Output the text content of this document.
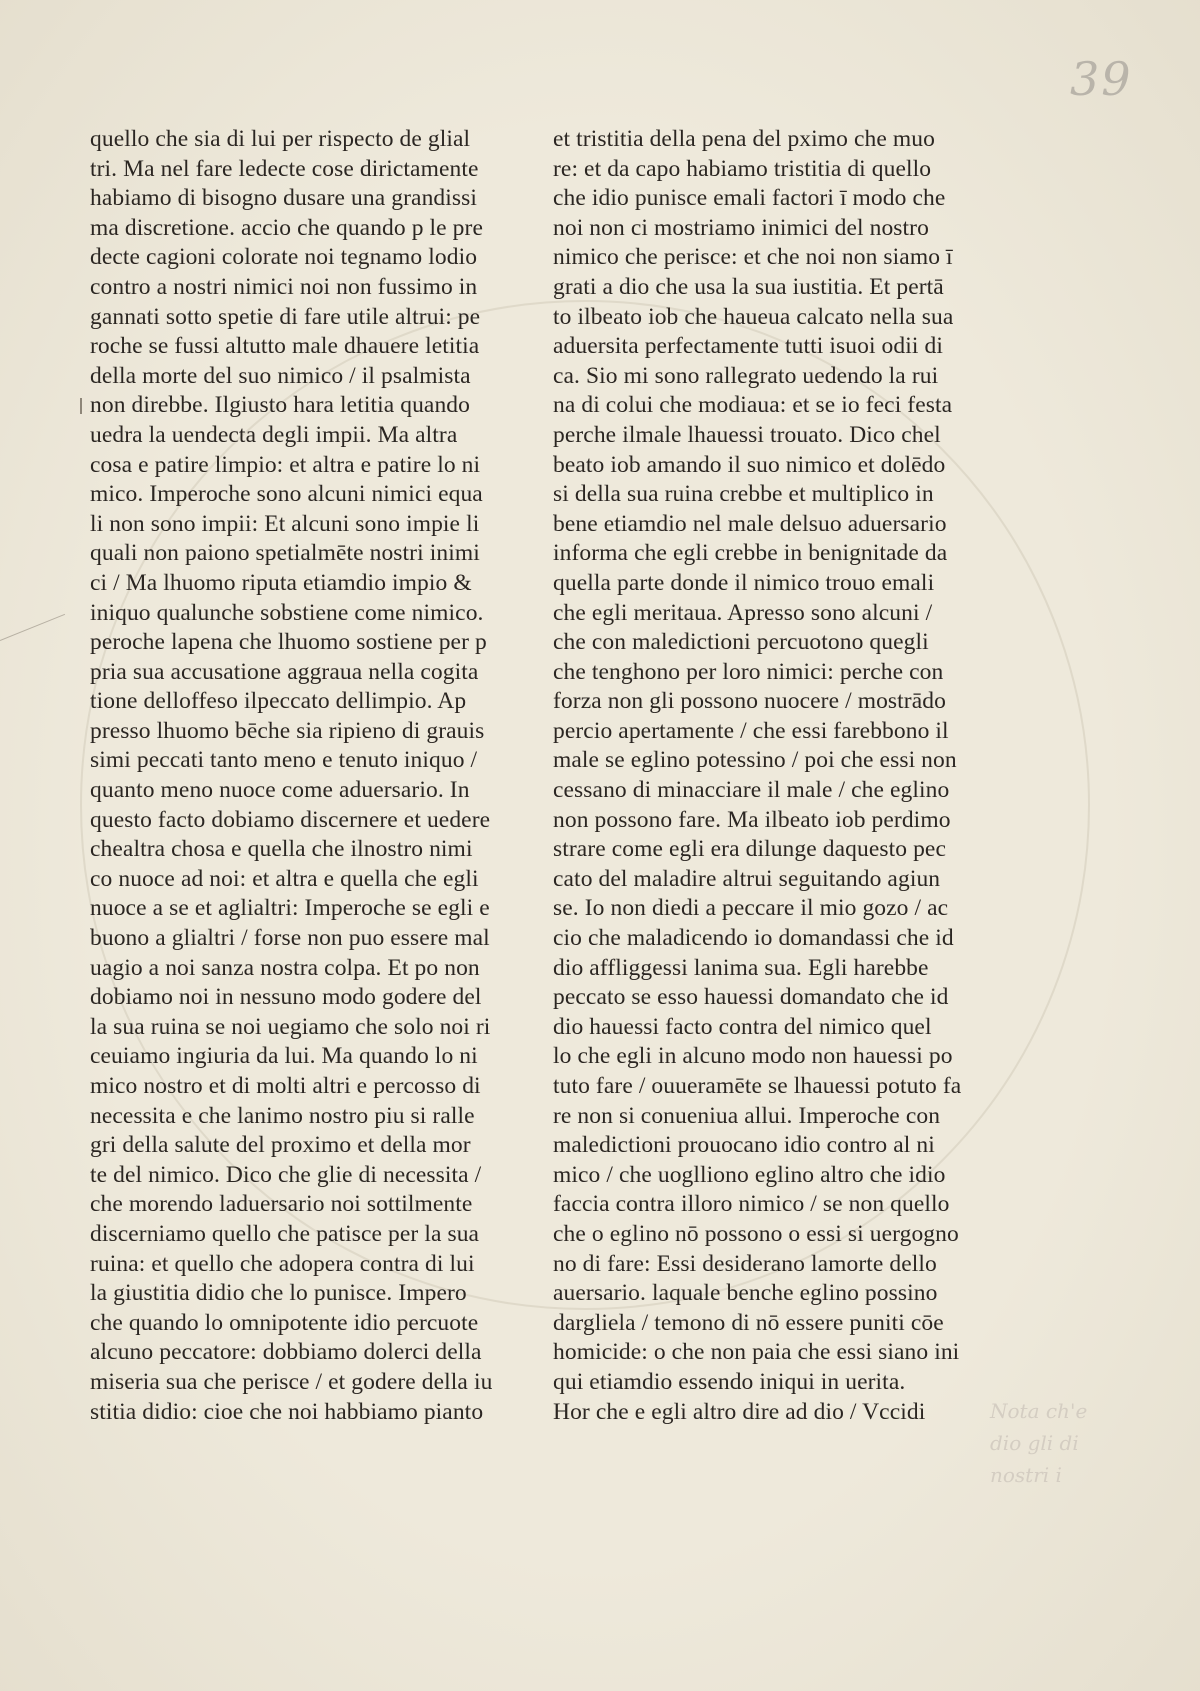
39
quello che sia di lui per rispecto de glial
tri. Ma nel fare ledecte cose dirictamente
habiamo di bisogno dusare una grandissi
ma discretione. accio che quando p le pre
decte cagioni colorate noi tegnamo lodio
contro a nostri nimici noi non fussimo in
gannati sotto spetie di fare utile altrui: pe
roche se fussi altutto male dhauere letitia
della morte del suo nimico / il psalmista
non direbbe. Ilgiusto hara letitia quando
uedra la uendecta degli impii. Ma altra
cosa e patire limpio: et altra e patire lo ni
mico. Imperoche sono alcuni nimici equa
li non sono impii: Et alcuni sono impie li
quali non paiono spetialmēte nostri inimi
ci / Ma lhuomo riputa etiamdio impio &
iniquo qualunche sobstiene come nimico.
peroche lapena che lhuomo sostiene per p
pria sua accusatione aggraua nella cogita
tione delloffeso ilpeccato dellimpio. Ap
presso lhuomo bēche sia ripieno di grauis
simi peccati tanto meno e tenuto iniquo /
quanto meno nuoce come aduersario. In
questo facto dobiamo discernere et uedere
chealtra chosa e quella che ilnostro nimi
co nuoce ad noi: et altra e quella che egli
nuoce a se et aglialtri: Imperoche se egli e
buono a glialtri / forse non puo essere mal
uagio a noi sanza nostra colpa. Et po non
dobiamo noi in nessuno modo godere del
la sua ruina se noi uegiamo che solo noi ri
ceuiamo ingiuria da lui. Ma quando lo ni
mico nostro et di molti altri e percosso di
necessita e che lanimo nostro piu si ralle
gri della salute del proximo et della mor
te del nimico. Dico che glie di necessita /
che morendo laduersario noi sottilmente
discerniamo quello che patisce per la sua
ruina: et quello che adopera contra di lui
la giustitia didio che lo punisce. Impero
che quando lo omnipotente idio percuote
alcuno peccatore: dobbiamo dolerci della
miseria sua che perisce / et godere della iu
stitia didio: cioe che noi habbiamo pianto
et tristitia della pena del pximo che muo
re: et da capo habiamo tristitia di quello
che idio punisce emali factori ī modo che
noi non ci mostriamo inimici del nostro
nimico che perisce: et che noi non siamo ī
grati a dio che usa la sua iustitia. Et pertā
to ilbeato iob che haueua calcato nella sua
aduersita perfectamente tutti isuoi odii di
ca. Sio mi sono rallegrato uedendo la rui
na di colui che modiaua: et se io feci festa
perche ilmale lhauessi trouato. Dico chel
beato iob amando il suo nimico et dolēdo
si della sua ruina crebbe et multiplico in
bene etiamdio nel male delsuo aduersario
informa che egli crebbe in benignitade da
quella parte donde il nimico trouo emali
che egli meritaua. Apresso sono alcuni /
che con maledictioni percuotono quegli
che tenghono per loro nimici: perche con
forza non gli possono nuocere / mostrādo
percio apertamente / che essi farebbono il
male se eglino potessino / poi che essi non
cessano di minacciare il male / che eglino
non possono fare. Ma ilbeato iob perdimo
strare come egli era dilunge daquesto pec
cato del maladire altrui seguitando agiun
se. Io non diedi a peccare il mio gozo / ac
cio che maladicendo io domandassi che id
dio affliggessi lanima sua. Egli harebbe
peccato se esso hauessi domandato che id
dio hauessi facto contra del nimico quel
lo che egli in alcuno modo non hauessi po
tuto fare / ouueramēte se lhauessi potuto fa
re non si conueniua allui. Imperoche con
maledictioni prouocano idio contro al ni
mico / che uoglliono eglino altro che idio
faccia contra illoro nimico / se non quello
che o eglino nō possono o essi si uergogno
no di fare: Essi desiderano lamorte dello
auersario. laquale benche eglino possino
dargliela / temono di nō essere puniti cōe
homicide: o che non paia che essi siano ini
qui etiamdio essendo iniqui in uerita.
Hor che e egli altro dire ad dio / Vccidi	Nota ch'e
dio gli di
nostri i
